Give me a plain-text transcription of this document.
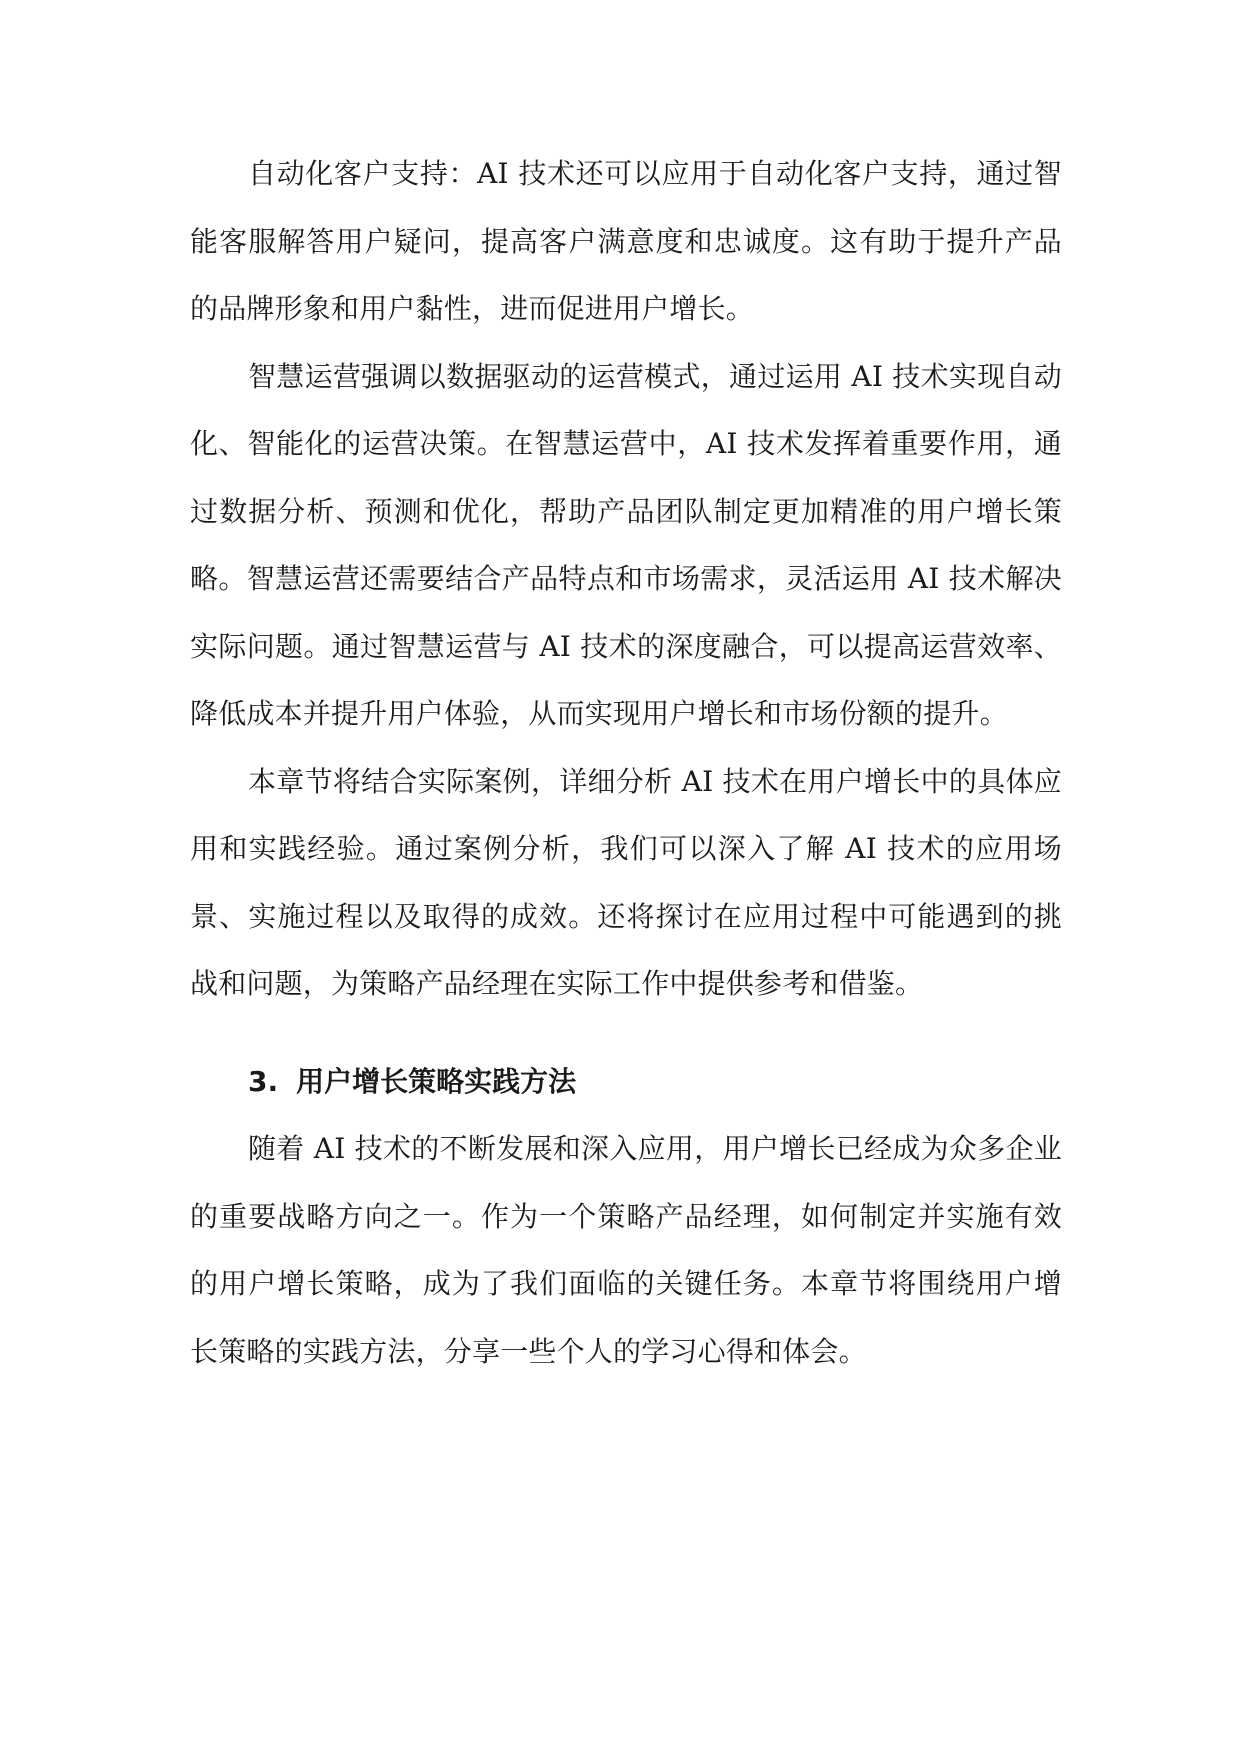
自动化客户支持：AI 技术还可以应用于自动化客户支持，通过智能客服解答用户疑问，提高客户满意度和忠诚度。这有助于提升产品的品牌形象和用户黏性，进而促进用户增长。

智慧运营强调以数据驱动的运营模式，通过运用 AI 技术实现自动化、智能化的运营决策。在智慧运营中，AI 技术发挥着重要作用，通过数据分析、预测和优化，帮助产品团队制定更加精准的用户增长策略。智慧运营还需要结合产品特点和市场需求，灵活运用 AI 技术解决实际问题。通过智慧运营与 AI 技术的深度融合，可以提高运营效率、降低成本并提升用户体验，从而实现用户增长和市场份额的提升。

本章节将结合实际案例，详细分析 AI 技术在用户增长中的具体应用和实践经验。通过案例分析，我们可以深入了解 AI 技术的应用场景、实施过程以及取得的成效。还将探讨在应用过程中可能遇到的挑战和问题，为策略产品经理在实际工作中提供参考和借鉴。

3. 用户增长策略实践方法

随着 AI 技术的不断发展和深入应用，用户增长已经成为众多企业的重要战略方向之一。作为一个策略产品经理，如何制定并实施有效的用户增长策略，成为了我们面临的关键任务。本章节将围绕用户增长策略的实践方法，分享一些个人的学习心得和体会。
